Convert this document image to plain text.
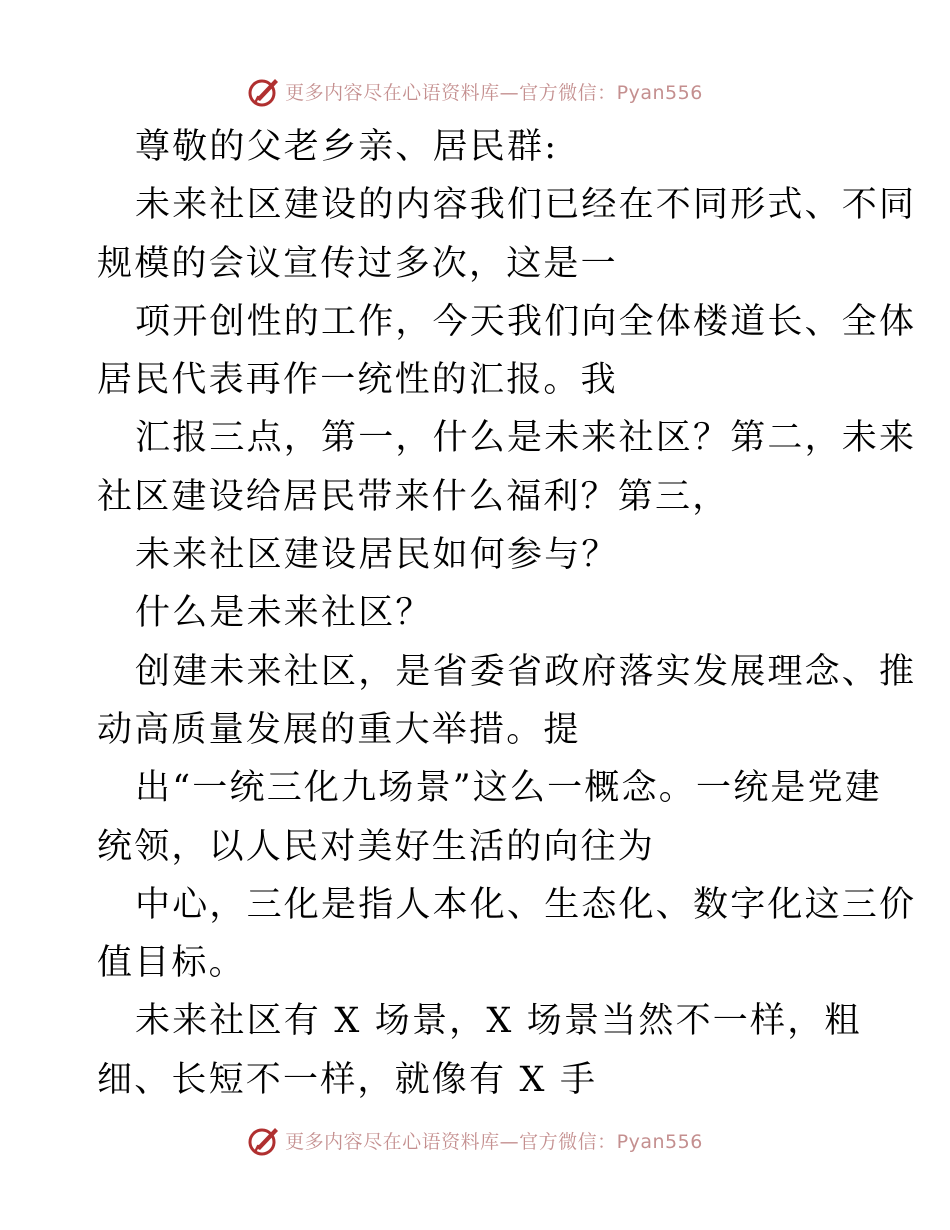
更多内容尽在心语资料库—官方微信：Pyan556
尊敬的父老乡亲、居民群:
未来社区建设的内容我们已经在不同形式、不同
规模的会议宣传过多次，这是一
项开创性的工作，今天我们向全体楼道长、全体
居民代表再作一统性的汇报。我
汇报三点，第一，什么是未来社区？第二，未来
社区建设给居民带来什么福利？第三，
未来社区建设居民如何参与？
什么是未来社区？
创建未来社区，是省委省政府落实发展理念、推
动高质量发展的重大举措。提
出“一统三化九场景”这么一概念。一统是党建
统领，以人民对美好生活的向往为
中心，三化是指人本化、生态化、数字化这三价
值目标。
未来社区有 X 场景，X 场景当然不一样，粗
细、长短不一样，就像有 X 手
更多内容尽在心语资料库—官方微信：Pyan556
